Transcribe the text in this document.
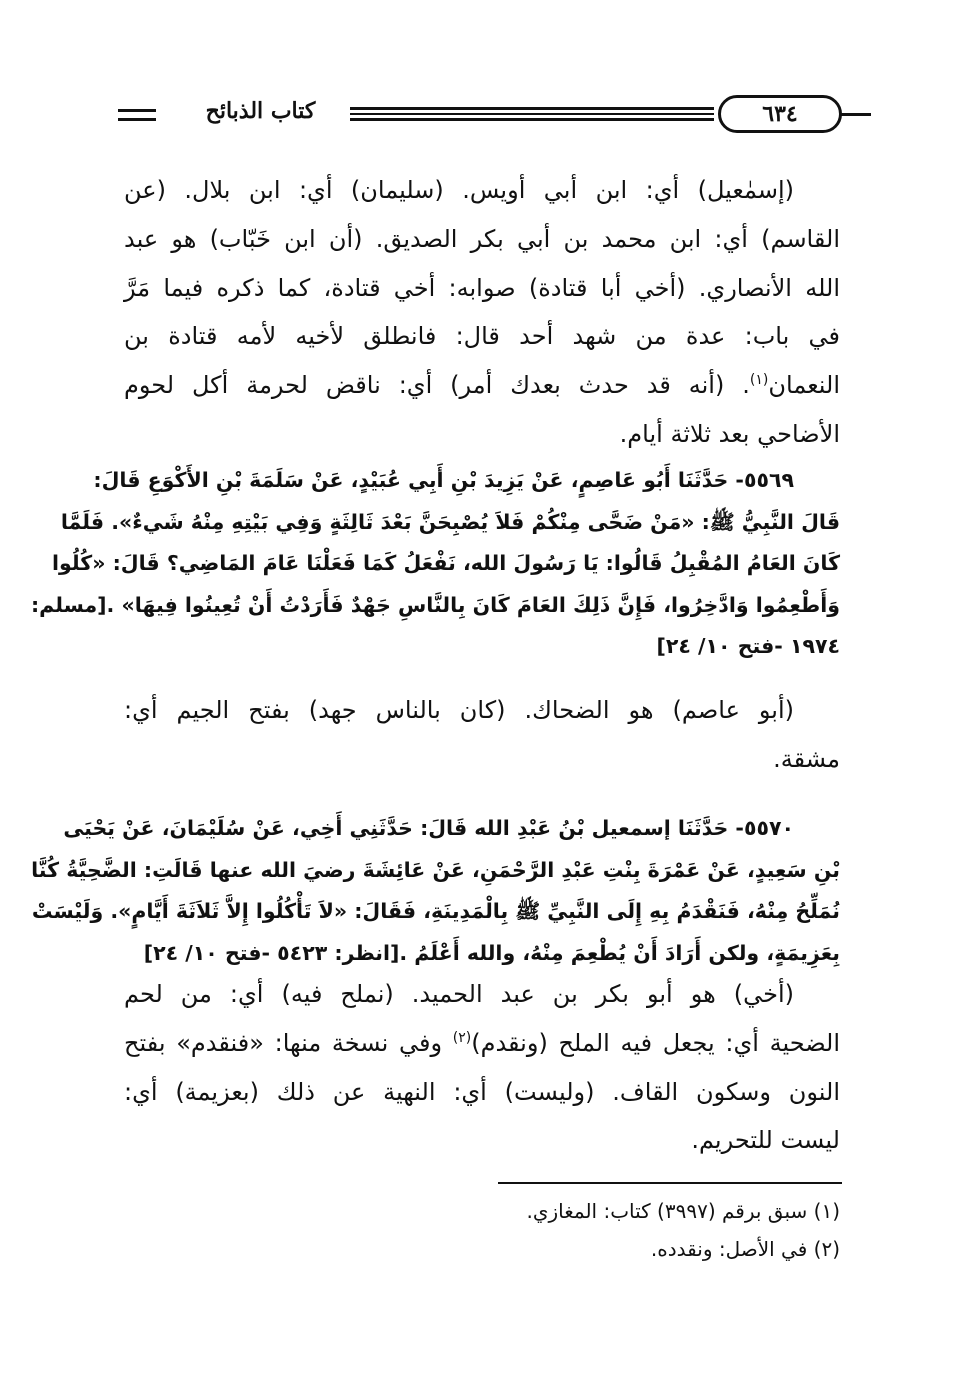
كتاب الذبائح	٦٣٤
(إسمٰعيل) أي: ابن أبي أويس. (سليمان) أي: ابن بلال. (عن
القاسم) أي: ابن محمد بن أبي بكر الصديق. (أن ابن خَبّاب) هو عبد
الله الأنصاري. (أخي أبا قتادة) صوابه: أخي قتادة، كما ذكره فيما مَرَّ
في باب: عدة من شهد أحد قال: فانطلق لأخيه لأمه قتادة بن
النعمان$^{(١)}$. (أنه قد حدث بعدك أمر) أي: ناقض لحرمة أكل لحوم
الأضاحي بعد ثلاثة أيام.
٥٥٦٩- حَدَّثَنَا أَبُو عَاصِمٍ، عَنْ يَزِيدَ بْنِ أَبِي عُبَيْدٍ، عَنْ سَلَمَةَ بْنِ الأَكْوَعِ قَالَ:
قَالَ النَّبِيُّ ﷺ: «مَنْ ضَحَّى مِنْكُمْ فَلاَ يُصْبِحَنَّ بَعْدَ ثَالِثَةٍ وَفِي بَيْتِهِ مِنْهُ شَيءٌ». فَلَمَّا
كَانَ العَامُ المُقْبِلُ قَالُوا: يَا رَسُولَ الله، نَفْعَلُ كَمَا فَعَلْنَا عَامَ المَاضِي؟ قَالَ: «كُلُوا
وَأَطْعِمُوا وَادَّخِرُوا، فَإِنَّ ذَلِكَ العَامَ كَانَ بِالنَّاسِ جَهْدٌ فَأَرَدْتُ أَنْ تُعِينُوا فِيهَا» .[مسلم:
١٩٧٤ -فتح ١٠/ ٢٤]
(أبو عاصم) هو الضحاك. (كان بالناس جهد) بفتح الجيم أي:
مشقة.
٥٥٧٠- حَدَّثَنَا إسمعيل بْنُ عَبْدِ الله قَالَ: حَدَّثَنِي أَخِي، عَنْ سُلَيْمَانَ، عَنْ يَحْيَى
بْنِ سَعِيدٍ، عَنْ عَمْرَةَ بِنْتِ عَبْدِ الرَّحْمَنِ، عَنْ عَائِشَةَ رضيَ الله عنها قَالَتِ: الضَّحِيَّةُ كُنَّا
نُمَلِّحُ مِنْهُ، فَنَقْدَمُ بِهِ إِلَى النَّبِيِّ ﷺ بِالْمَدِينَةِ، فَقَالَ: «لاَ تَأْكُلُوا إِلاَّ ثَلاَثَةَ أَيَّامٍ». وَلَيْسَتْ
بِعَزِيمَةٍ، ولكن أَرَادَ أَنْ يُطْعِمَ مِنْهُ، والله أَعْلَمُ .[انظر: ٥٤٢٣ -فتح ١٠/ ٢٤]
(أخي) هو أبو بكر بن عبد الحميد. (نملح فيه) أي: من لحم
الضحية أي: يجعل فيه الملح (ونقدم)$^{(٢)}$ وفي نسخة منها: «فنقدم» بفتح
النون وسكون القاف. (وليست) أي: النهية عن ذلك (بعزيمة) أي:
ليست للتحريم.
(١) سبق برقم (٣٩٩٧) كتاب: المغازي.
(٢) في الأصل: ونقدده.
